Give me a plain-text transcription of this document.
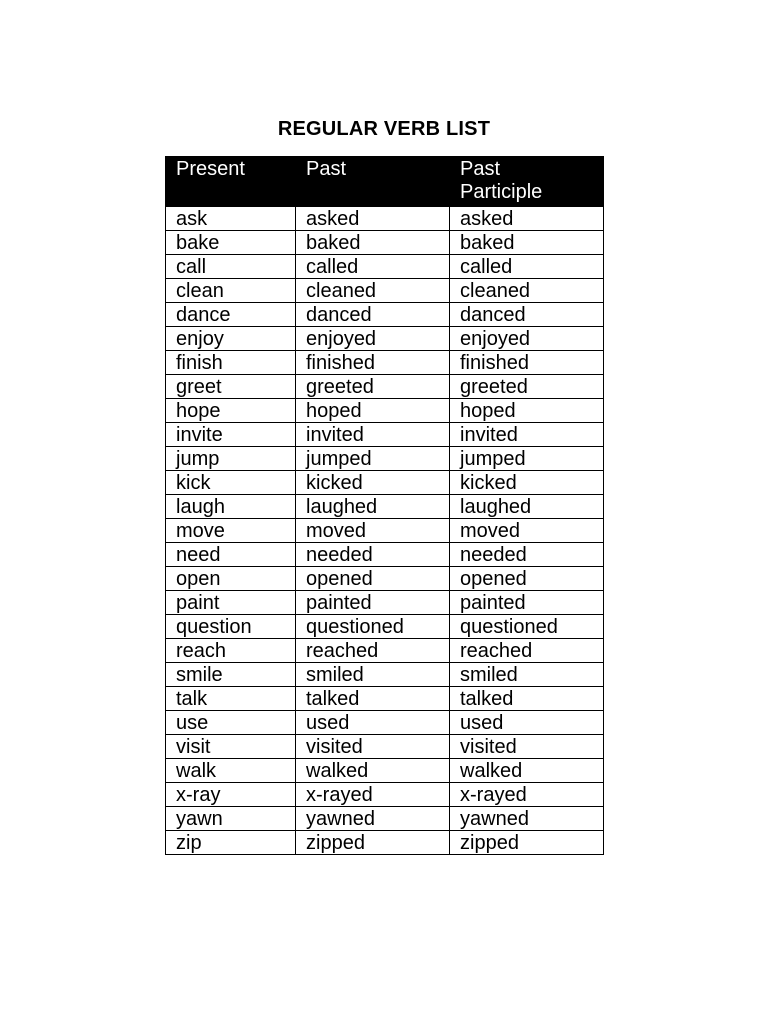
REGULAR VERB LIST
Present	Past	Past
Participle
ask	asked	asked
bake	baked	baked
call	called	called
clean	cleaned	cleaned
dance	danced	danced
enjoy	enjoyed	enjoyed
finish	finished	finished
greet	greeted	greeted
hope	hoped	hoped
invite	invited	invited
jump	jumped	jumped
kick	kicked	kicked
laugh	laughed	laughed
move	moved	moved
need	needed	needed
open	opened	opened
paint	painted	painted
question	questioned	questioned
reach	reached	reached
smile	smiled	smiled
talk	talked	talked
use	used	used
visit	visited	visited
walk	walked	walked
x-ray	x-rayed	x-rayed
yawn	yawned	yawned
zip	zipped	zipped
